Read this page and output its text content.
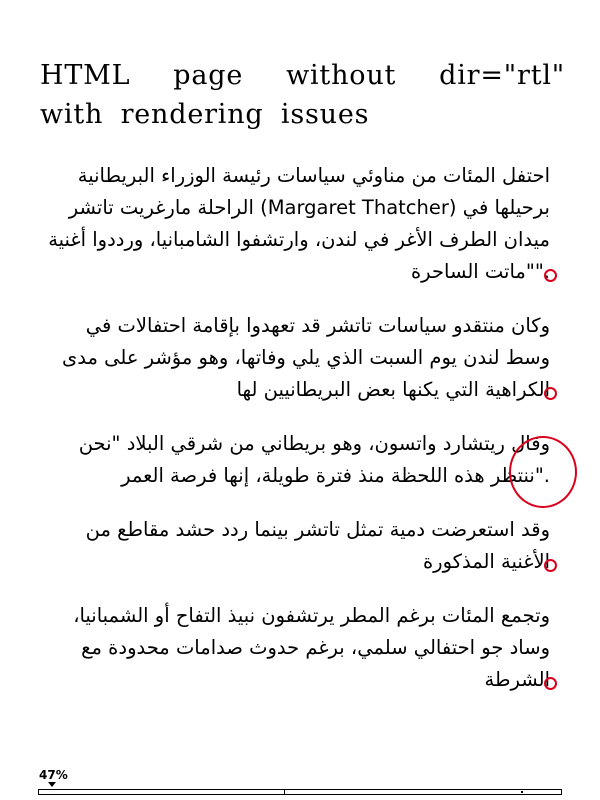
HTML page without dir="rtl" with rendering issues

احتفل المئات من مناوئي سياسات رئيسة الوزراء البريطانية الراحلة مارغريت تاتشر (Margaret Thatcher) برحيلها في ميدان الطرف الأغر في لندن، وارتشفوا الشامبانيا، ورددوا أغنية "ماتت الساحرة".

وكان منتقدو سياسات تاتشر قد تعهدوا بإقامة احتفالات في وسط لندن يوم السبت الذي يلي وفاتها، وهو مؤشر على مدى الكراهية التي يكنها بعض البريطانيين لها

وقال ريتشارد واتسون، وهو بريطاني من شرقي البلاد "نحن ننتظر هذه اللحظة منذ فترة طويلة، إنها فرصة العمر".

وقد استعرضت دمية تمثل تاتشر بينما ردد حشد مقاطع من الأغنية المذكورة

وتجمع المئات برغم المطر يرتشفون نبيذ التفاح أو الشمبانيا، وساد جو احتفالي سلمي، برغم حدوث صدامات محدودة مع الشرطة

47%
